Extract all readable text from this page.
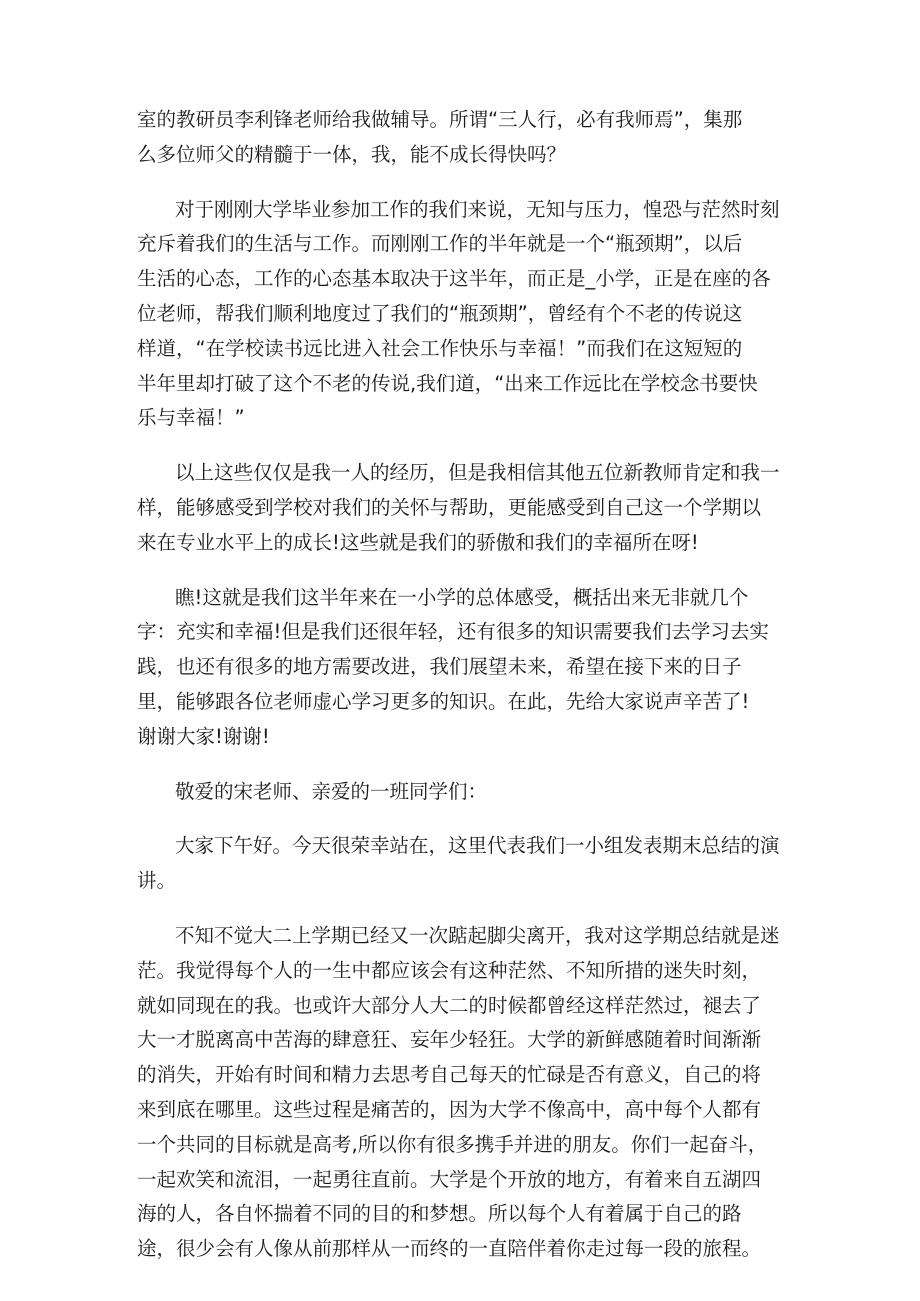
室的教研员李利锋老师给我做辅导。所谓“三人行，必有我师焉”，集那
么多位师父的精髓于一体，我，能不成长得快吗？
对于刚刚大学毕业参加工作的我们来说，无知与压力，惶恐与茫然时刻
充斥着我们的生活与工作。而刚刚工作的半年就是一个“瓶颈期”，以后
生活的心态，工作的心态基本取决于这半年，而正是_小学，正是在座的各
位老师，帮我们顺利地度过了我们的“瓶颈期”，曾经有个不老的传说这
样道，“在学校读书远比进入社会工作快乐与幸福！”而我们在这短短的
半年里却打破了这个不老的传说,我们道，“出来工作远比在学校念书要快
乐与幸福！”
以上这些仅仅是我一人的经历，但是我相信其他五位新教师肯定和我一
样，能够感受到学校对我们的关怀与帮助，更能感受到自己这一个学期以
来在专业水平上的成长!这些就是我们的骄傲和我们的幸福所在呀!
瞧!这就是我们这半年来在一小学的总体感受，概括出来无非就几个
字：充实和幸福!但是我们还很年轻，还有很多的知识需要我们去学习去实
践，也还有很多的地方需要改进，我们展望未来，希望在接下来的日子
里，能够跟各位老师虚心学习更多的知识。在此，先给大家说声辛苦了!
谢谢大家!谢谢!
敬爱的宋老师、亲爱的一班同学们：
大家下午好。今天很荣幸站在，这里代表我们一小组发表期末总结的演
讲。
不知不觉大二上学期已经又一次踮起脚尖离开，我对这学期总结就是迷
茫。我觉得每个人的一生中都应该会有这种茫然、不知所措的迷失时刻，
就如同现在的我。也或许大部分人大二的时候都曾经这样茫然过，褪去了
大一才脱离高中苦海的肆意狂、妄年少轻狂。大学的新鲜感随着时间渐渐
的消失，开始有时间和精力去思考自己每天的忙碌是否有意义，自己的将
来到底在哪里。这些过程是痛苦的，因为大学不像高中，高中每个人都有
一个共同的目标就是高考,所以你有很多携手并进的朋友。你们一起奋斗，
一起欢笑和流泪，一起勇往直前。大学是个开放的地方，有着来自五湖四
海的人，各自怀揣着不同的目的和梦想。所以每个人有着属于自己的路
途，很少会有人像从前那样从一而终的一直陪伴着你走过每一段的旅程。
